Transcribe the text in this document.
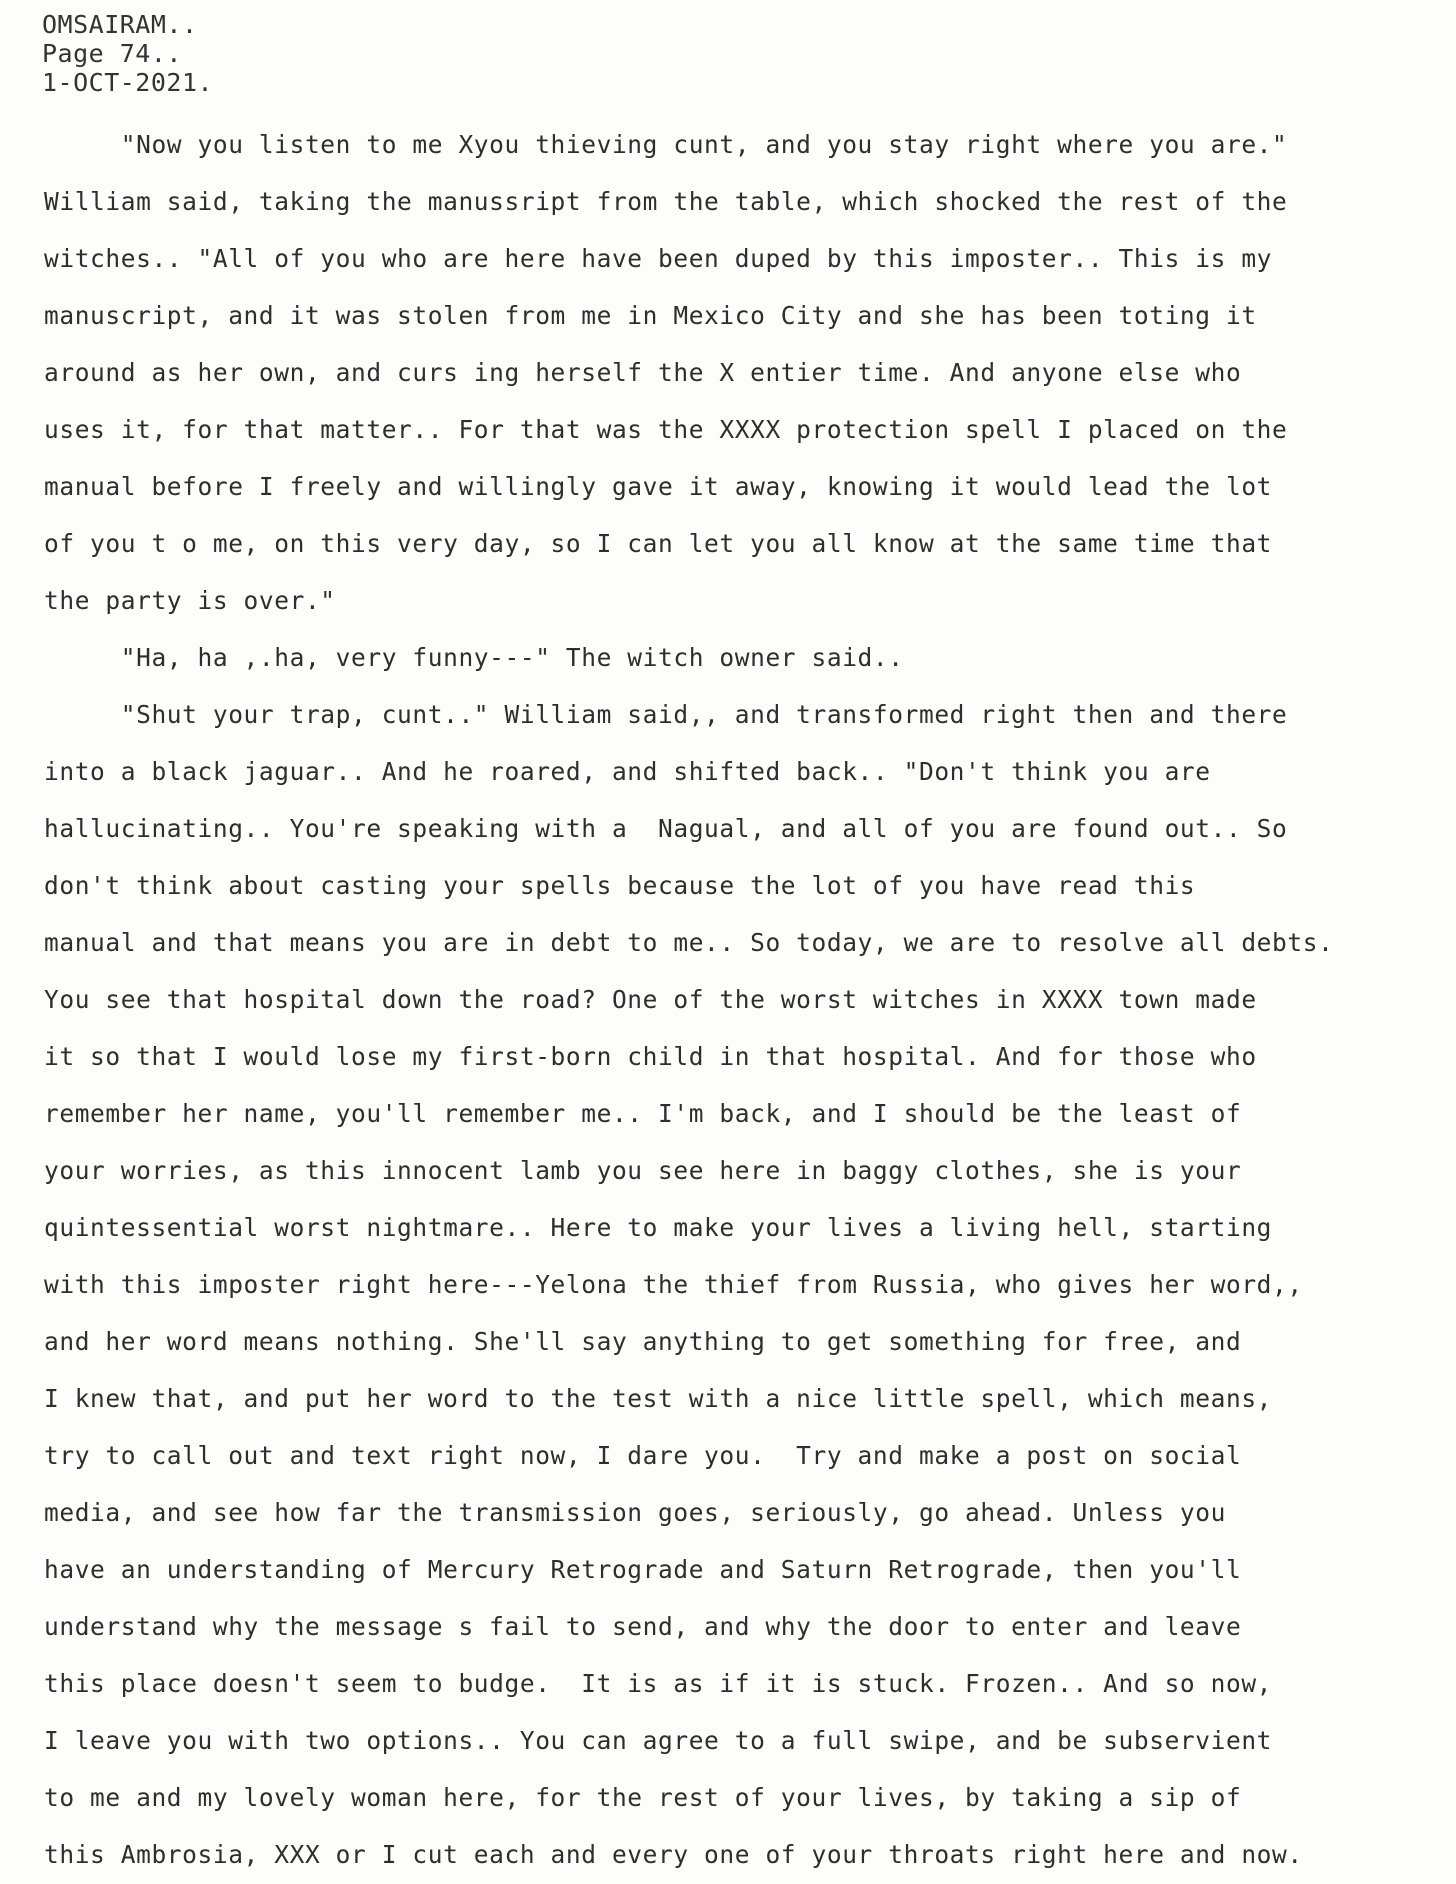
OMSAIRAM..
Page 74..
1-OCT-2021.
"Now you listen to me Xyou thieving cunt, and you stay right where you are."
William said, taking the manussript from the table, which shocked the rest of the
witches.. "All of you who are here have been duped by this imposter.. This is my
manuscript, and it was stolen from me in Mexico City and she has been toting it
around as her own, and curs ing herself the X entier time. And anyone else who
uses it, for that matter.. For that was the XXXX protection spell I placed on the
manual before I freely and willingly gave it away, knowing it would lead the lot
of you t o me, on this very day, so I can let you all know at the same time that
the party is over."
"Ha, ha ,.ha, very funny---" The witch owner said..
"Shut your trap, cunt.." William said,, and transformed right then and there
into a black jaguar.. And he roared, and shifted back.. "Don't think you are
hallucinating.. You're speaking with a  Nagual, and all of you are found out.. So
don't think about casting your spells because the lot of you have read this
manual and that means you are in debt to me.. So today, we are to resolve all debts.
You see that hospital down the road? One of the worst witches in XXXX town made
it so that I would lose my first-born child in that hospital. And for those who
remember her name, you'll remember me.. I'm back, and I should be the least of
your worries, as this innocent lamb you see here in baggy clothes, she is your
quintessential worst nightmare.. Here to make your lives a living hell, starting
with this imposter right here---Yelona the thief from Russia, who gives her word,,
and her word means nothing. She'll say anything to get something for free, and
I knew that, and put her word to the test with a nice little spell, which means,
try to call out and text right now, I dare you.  Try and make a post on social
media, and see how far the transmission goes, seriously, go ahead. Unless you
have an understanding of Mercury Retrograde and Saturn Retrograde, then you'll
understand why the message s fail to send, and why the door to enter and leave
this place doesn't seem to budge.  It is as if it is stuck. Frozen.. And so now,
I leave you with two options.. You can agree to a full swipe, and be subservient
to me and my lovely woman here, for the rest of your lives, by taking a sip of
this Ambrosia, XXX or I cut each and every one of your throats right here and now.
